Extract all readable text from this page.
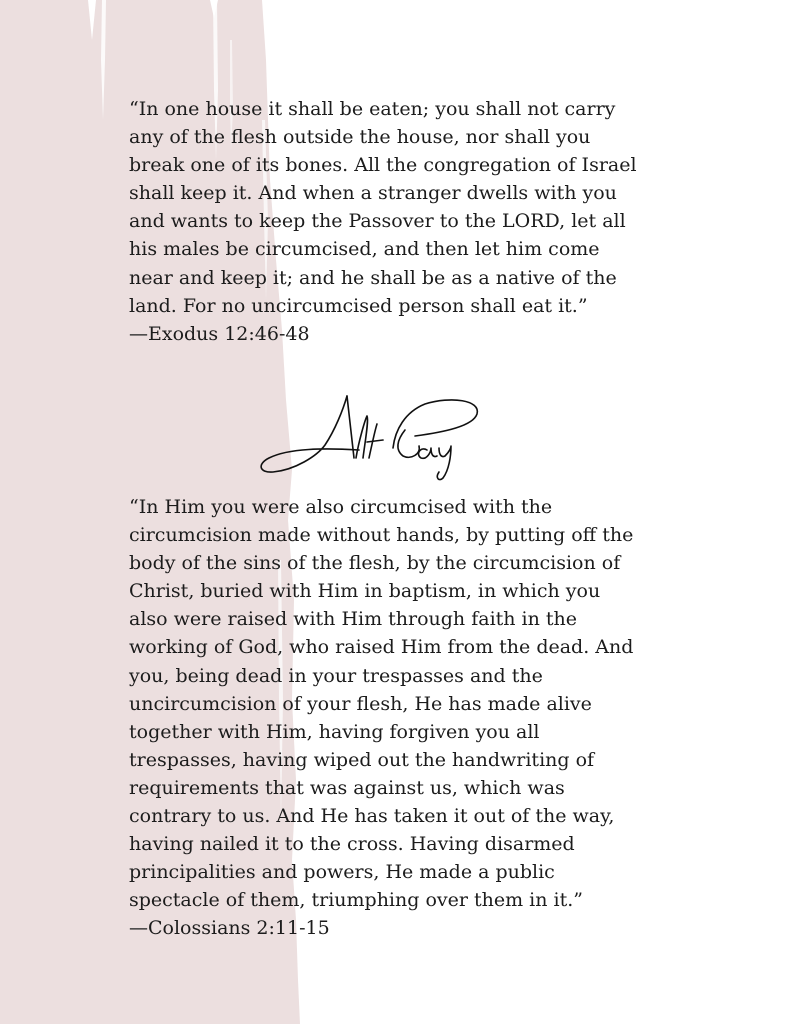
“In one house it shall be eaten; you shall not carry

any of the flesh outside the house, nor shall you

break one of its bones. All the congregation of Israel

shall keep it. And when a stranger dwells with you

and wants to keep the Passover to the LORD, let all

his males be circumcised, and then let him come

near and keep it; and he shall be as a native of the

land. For no uncircumcised person shall eat it.”

—Exodus 12:46-48

“In Him you were also circumcised with the

circumcision made without hands, by putting off the

body of the sins of the flesh, by the circumcision of

Christ, buried with Him in baptism, in which you

also were raised with Him through faith in the

working of God, who raised Him from the dead. And

you, being dead in your trespasses and the

uncircumcision of your flesh, He has made alive

together with Him, having forgiven you all

trespasses, having wiped out the handwriting of

requirements that was against us, which was

contrary to us. And He has taken it out of the way,

having nailed it to the cross. Having disarmed

principalities and powers, He made a public

spectacle of them, triumphing over them in it.”

—Colossians 2:11-15
